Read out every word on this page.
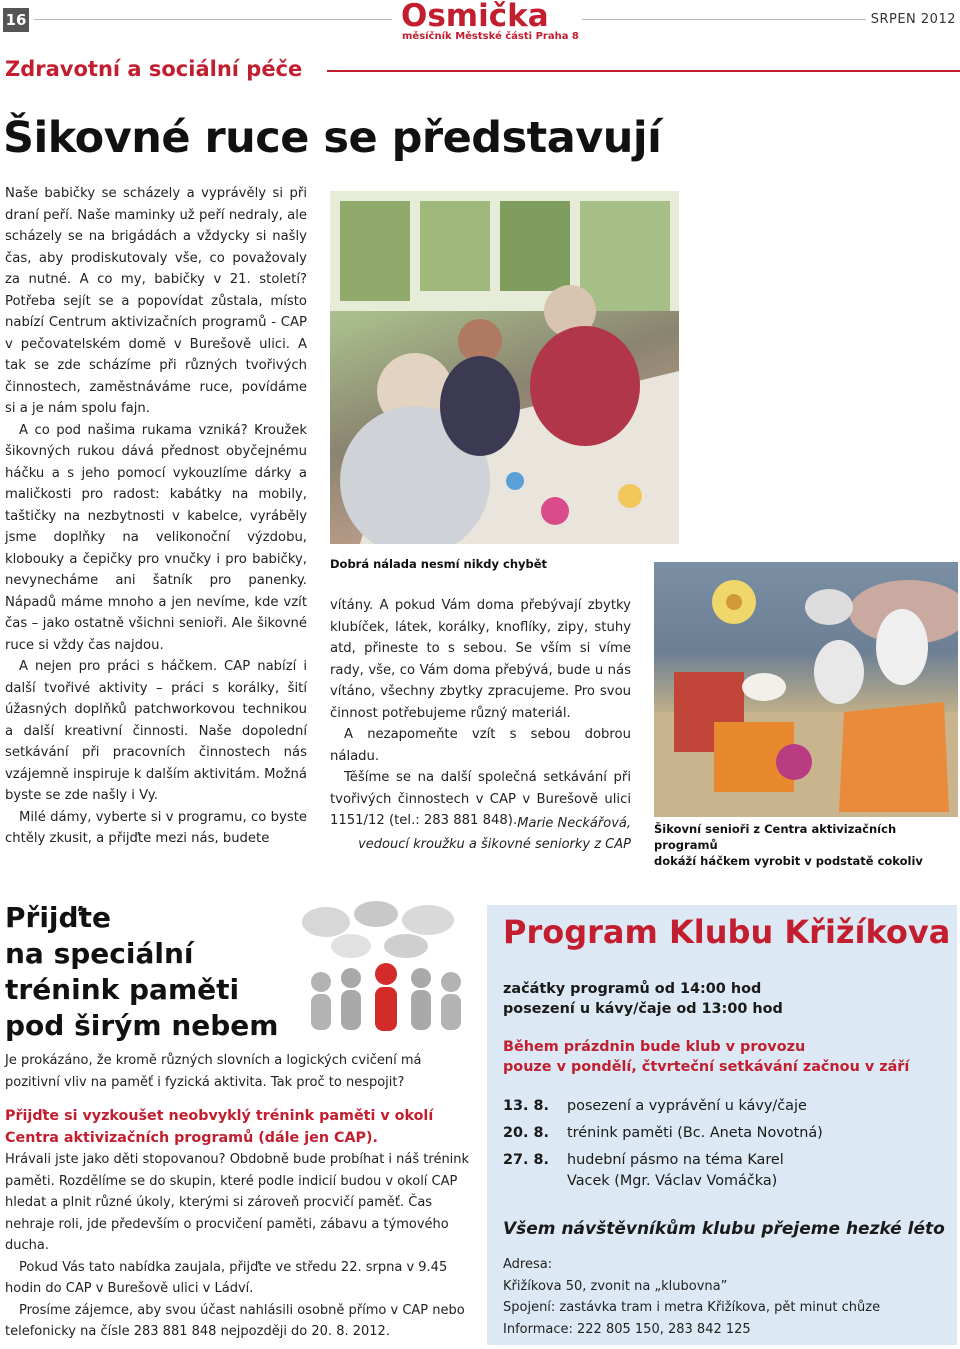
16	Osmička
měsíčník Městské části Praha 8
SRPEN 2012
Zdravotní a sociální péče
Šikovné ruce se představují

Naše babičky se scházely a vyprávěly si při draní peří. Naše maminky už peří nedraly, ale scházely se na brigádách a vždycky si našly čas, aby prodiskutovaly vše, co považovaly za nutné. A co my, babičky v 21. století? Potřeba sejít se a popovídat zůstala, místo nabízí Centrum aktivizačních programů - CAP v pečovatelském domě v Burešově ulici. A tak se zde scházíme při různých tvořivých činnostech, zaměstnáváme ruce, povídáme si a je nám spolu fajn.

A co pod našima rukama vzniká? Kroužek šikovných rukou dává přednost obyčejnému háčku a s jeho pomocí vykouzlíme dárky a maličkosti pro radost: kabátky na mobily, taštičky na nezbytnosti v kabelce, vyráběly jsme doplňky na velikonoční výzdobu, klobouky a čepičky pro vnučky i pro babičky, nevynecháme ani šatník pro panenky. Nápadů máme mnoho a jen nevíme, kde vzít čas – jako ostatně všichni senioři. Ale šikovné ruce si vždy čas najdou.

A nejen pro práci s háčkem. CAP nabízí i další tvořivé aktivity – práci s korálky, šití úžasných doplňků patchworkovou technikou a další kreativní činnosti. Naše dopolední setkávání při pracovních činnostech nás vzájemně inspiruje k dalším aktivitám. Možná byste se zde našly i Vy.

Milé dámy, vyberte si v programu, co byste chtěly zkusit, a přijďte mezi nás, budete

Dobrá nálada nesmí nikdy chybět

vítány. A pokud Vám doma přebývají zbytky klubíček, látek, korálky, knoflíky, zipy, stuhy atd, přineste to s sebou. Se vším si víme rady, vše, co Vám doma přebývá, bude u nás vítáno, všechny zbytky zpracujeme. Pro svou činnost potřebujeme různý materiál.

A nezapomeňte vzít s sebou dobrou náladu.

Těšíme se na další společná setkávání při tvořivých činnostech v CAP v Burešově ulici 1151/12 (tel.: 283 881 848). Marie Neckářová,
vedoucí kroužku a šikovné seniorky z CAP
Šikovní senioři z Centra aktivizačních programů
dokáží háčkem vyrobit v podstatě cokoliv
Přijďte
na speciální
trénink paměti
pod širým nebem

Je prokázáno, že kromě různých slovních a logických cvičení má pozitivní vliv na paměť i fyzická aktivita. Tak proč to nespojit?

Přijďte si vyzkoušet neobvyklý trénink paměti v okolí Centra aktivizačních programů (dále jen CAP).

Hrávali jste jako děti stopovanou? Obdobně bude probíhat i náš trénink paměti. Rozdělíme se do skupin, které podle indicií budou v okolí CAP hledat a plnit různé úkoly, kterými si zároveň procvičí paměť. Čas nehraje roli, jde především o procvičení paměti, zábavu a týmového ducha.

Pokud Vás tato nabídka zaujala, přijďte ve středu 22. srpna v 9.45 hodin do CAP v Burešově ulici v Ládví.

Prosíme zájemce, aby svou účast nahlásili osobně přímo v CAP nebo telefonicky na čísle 283 881 848 nejpozději do 20. 8. 2012.

Program Klubu Křižíkova
začátky programů od 14:00 hod
posezení u kávy/čaje od 13:00 hod
Během prázdnin bude klub v provozu
pouze v pondělí, čtvrteční setkávání začnou v září
13. 8. posezení a vyprávění u kávy/čaje
20. 8. trénink paměti (Bc. Aneta Novotná)
27. 8. hudební pásmo na téma Karel Vacek (Mgr. Václav Vomáčka)
Všem návštěvníkům klubu přejeme hezké léto
Adresa:
Křižíkova 50, zvonit na „klubovna”
Spojení: zastávka tram i metra Křižíkova, pět minut chůze
Informace: 222 805 150, 283 842 125
